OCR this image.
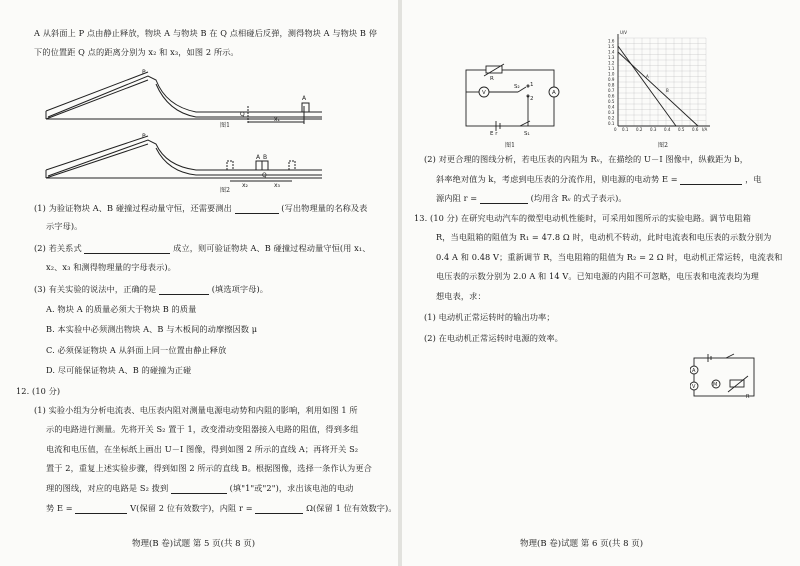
A 从斜面上 P 点由静止释放，物块 A 与物块 B 在 Q 点相碰后反弹，测得物块 A 与物块 B 停
下的位置距 Q 点的距离分别为 x₂ 和 x₃，如图 2 所示。
P
Q
A
x₁
图1
P
A B
Q
x₂	x₃
图2
(1) 为验证物块 A、B 碰撞过程动量守恒，还需要测出	(写出物理量的名称及表
示字母)。
(2) 若关系式	成立，则可验证物块 A、B 碰撞过程动量守恒(用 x₁、
x₂、x₃ 和测得物理量的字母表示)。
(3) 有关实验的说法中，正确的是	(填选项字母)。
A. 物块 A 的质量必须大于物块 B 的质量
B. 本实验中必须测出物块 A、B 与木板间的动摩擦因数 μ
C. 必须保证物块 A 从斜面上同一位置由静止释放
D. 尽可能保证物块 A、B 的碰撞为正碰
12. (10 分)
(1) 实验小组为分析电流表、电压表内阻对测量电源电动势和内阻的影响，利用如图 1 所
示的电路进行测量。先将开关 S₂ 置于 1，改变滑动变阻器接入电路的阻值，得到多组
电流和电压值，在坐标纸上画出 U－I 图像，得到如图 2 所示的直线 A；再将开关 S₂
置于 2，重复上述实验步骤，得到如图 2 所示的直线 B。根据图像，选择一条作认为更合
理的图线，对应的电路是 S₂ 拨到	(填"1"或"2")，求出该电池的电动
势 E =	V(保留 2 位有效数字)，内阻 r =	Ω(保留 1 位有效数字)。
物理(B 卷)试题 第 5 页(共 8 页)
R
V	A
S₂ 1
2
E r	S₁
图1
1.6
1.5
1.4
1.3
1.2
1.1
1.0
0.9
0.8
0.7
0.6
0.5
0.4
0.3
0.2
0.1
0 0.1 0.2 0.3 0.4 0.5 0.6
U/V
I/A
A
B
图2
(2) 对更合理的图线分析，若电压表的内阻为 Rᵥ，在描绘的 U－I 图像中，纵截距为 b，
斜率绝对值为 k，考虑到电压表的分流作用，则电源的电动势 E =	，电
源内阻 r =	(均用含 Rᵥ 的式子表示)。
13. (10 分) 在研究电动汽车的微型电动机性能时，可采用如图所示的实验电路。调节电阻箱
R，当电阻箱的阻值为 R₁ = 47.8 Ω 时，电动机不转动，此时电流表和电压表的示数分别为
0.4 A 和 0.48 V；重新调节 R，当电阻箱的阻值为 R₂ = 2 Ω 时，电动机正常运转，电流表和
电压表的示数分别为 2.0 A 和 14 V。已知电源的内阻不可忽略，电压表和电流表均为理
想电表，求：
(1) 电动机正常运转时的输出功率；
(2) 在电动机正常运转时电源的效率。
A
V	M
R
物理(B 卷)试题 第 6 页(共 8 页)
